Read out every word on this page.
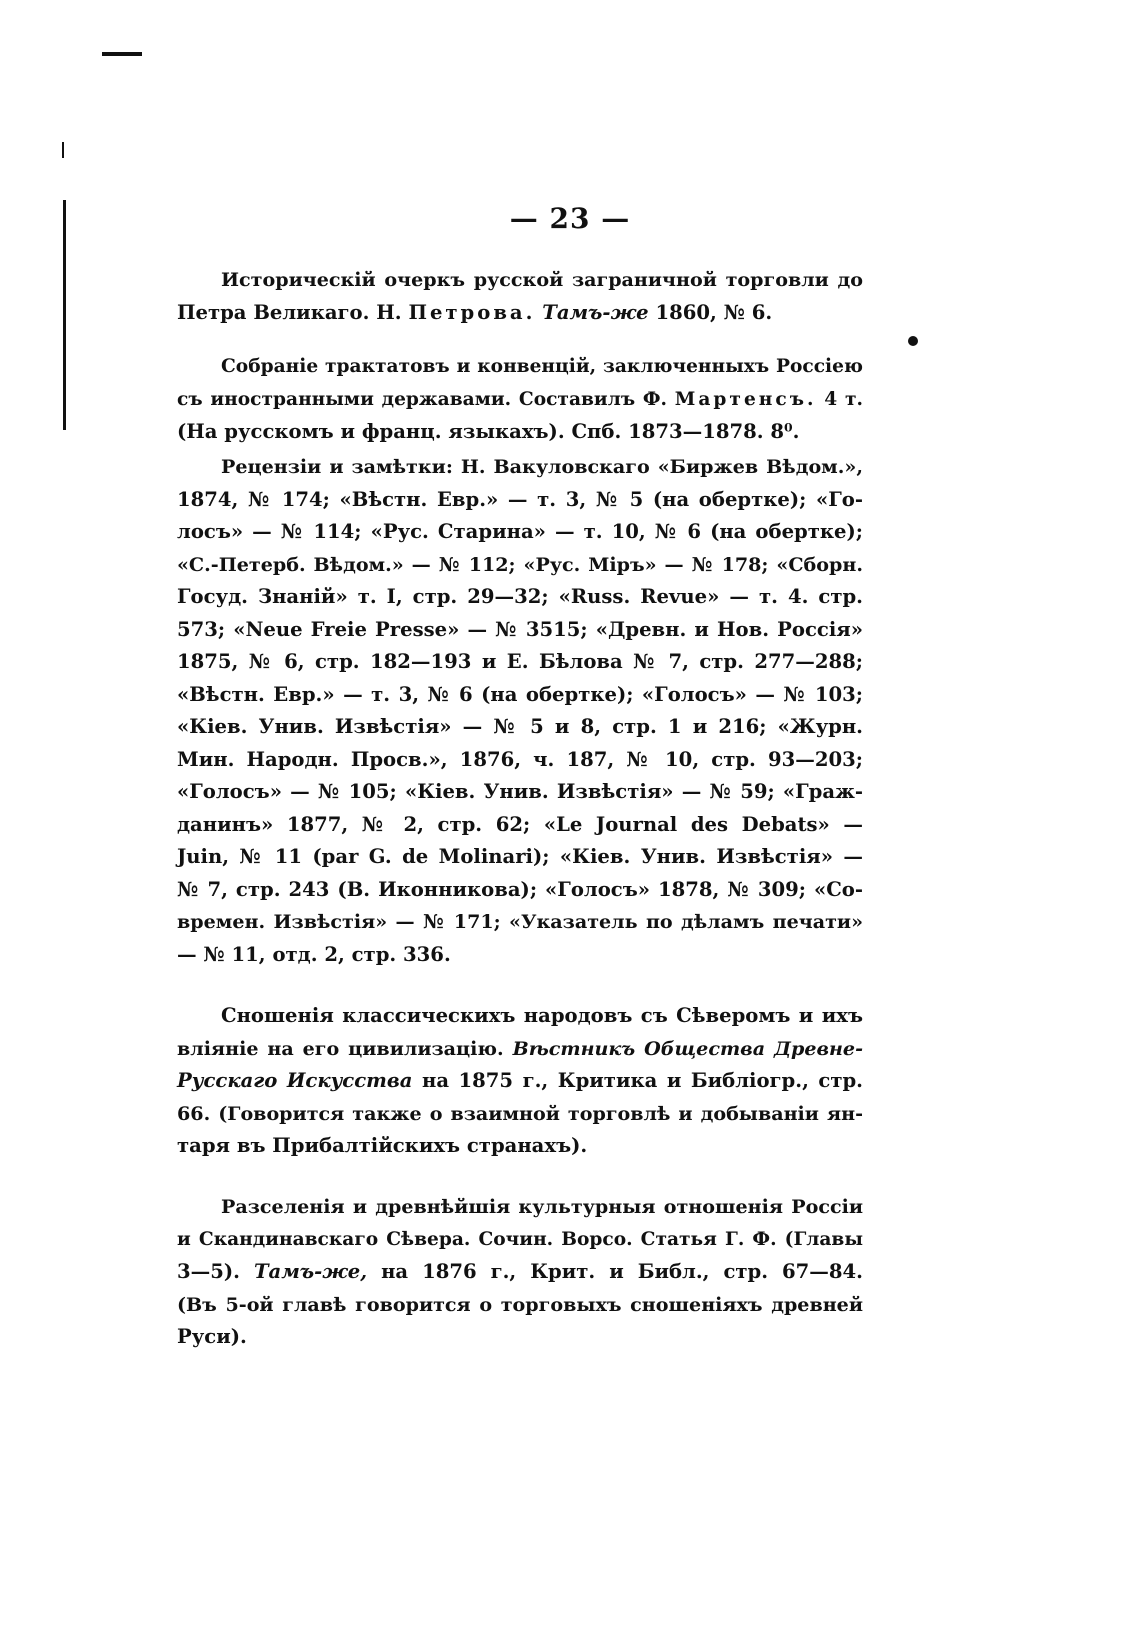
— 23 —

Историческій очеркъ русской заграничной торговли до
Петра Великаго. Н. Петрова. Тамъ-же 1860, № 6.

Собраніе трактатовъ и конвенцій, заключенныхъ Россіею
съ иностранными державами. Составилъ Ф. Мартенсъ. 4 т.
(На русскомъ и франц. языкахъ). Спб. 1873—1878. 8⁰.

Рецензіи и замѣтки: Н. Вакуловскаго «Биржев Вѣдом.»,
1874, № 174; «Вѣстн. Евр.» — т. 3, № 5 (на обертке); «Го-
лосъ» — № 114; «Рус. Старина» — т. 10, № 6 (на обертке);
«С.-Петерб. Вѣдом.» — № 112; «Рус. Міръ» — № 178; «Сборн.
Госуд. Знаній» т. I, стр. 29—32; «Russ. Revue» — т. 4. стр.
573; «Neue Freie Presse» — № 3515; «Древн. и Нов. Россія»
1875, № 6, стр. 182—193 и Е. Бѣлова № 7, стр. 277—288;
«Вѣстн. Евр.» — т. 3, № 6 (на обертке); «Голосъ» — № 103;
«Кіев. Унив. Извѣстія» — № 5 и 8, стр. 1 и 216; «Журн.
Мин. Народн. Просв.», 1876, ч. 187, № 10, стр. 93—203;
«Голосъ» — № 105; «Кіев. Унив. Извѣстія» — № 59; «Граж-
данинъ» 1877, № 2, стр. 62; «Le Journal des Debats» —
Juin, № 11 (par G. de Molinari); «Кіев. Унив. Извѣстія» —
№ 7, стр. 243 (В. Иконникова); «Голосъ» 1878, № 309; «Со-
времен. Извѣстія» — № 171; «Указатель по дѣламъ печати»
— № 11, отд. 2, стр. 336.

Сношенія классическихъ народовъ съ Сѣверомъ и ихъ
вліяніе на его цивилизацію. Вѣстникъ Общества Древне-
Русскаго Искусства на 1875 г., Критика и Библіогр., стр.
66. (Говорится также о взаимной торговлѣ и добываніи ян-
таря въ Прибалтійскихъ странахъ).

Разселенія и древнѣйшія культурныя отношенія Россіи
и Скандинавскаго Сѣвера. Сочин. Ворсо. Статья Г. Ф. (Главы
3—5). Тамъ-же, на 1876 г., Крит. и Библ., стр. 67—84.
(Въ 5-ой главѣ говорится о торговыхъ сношеніяхъ древней
Руси).
